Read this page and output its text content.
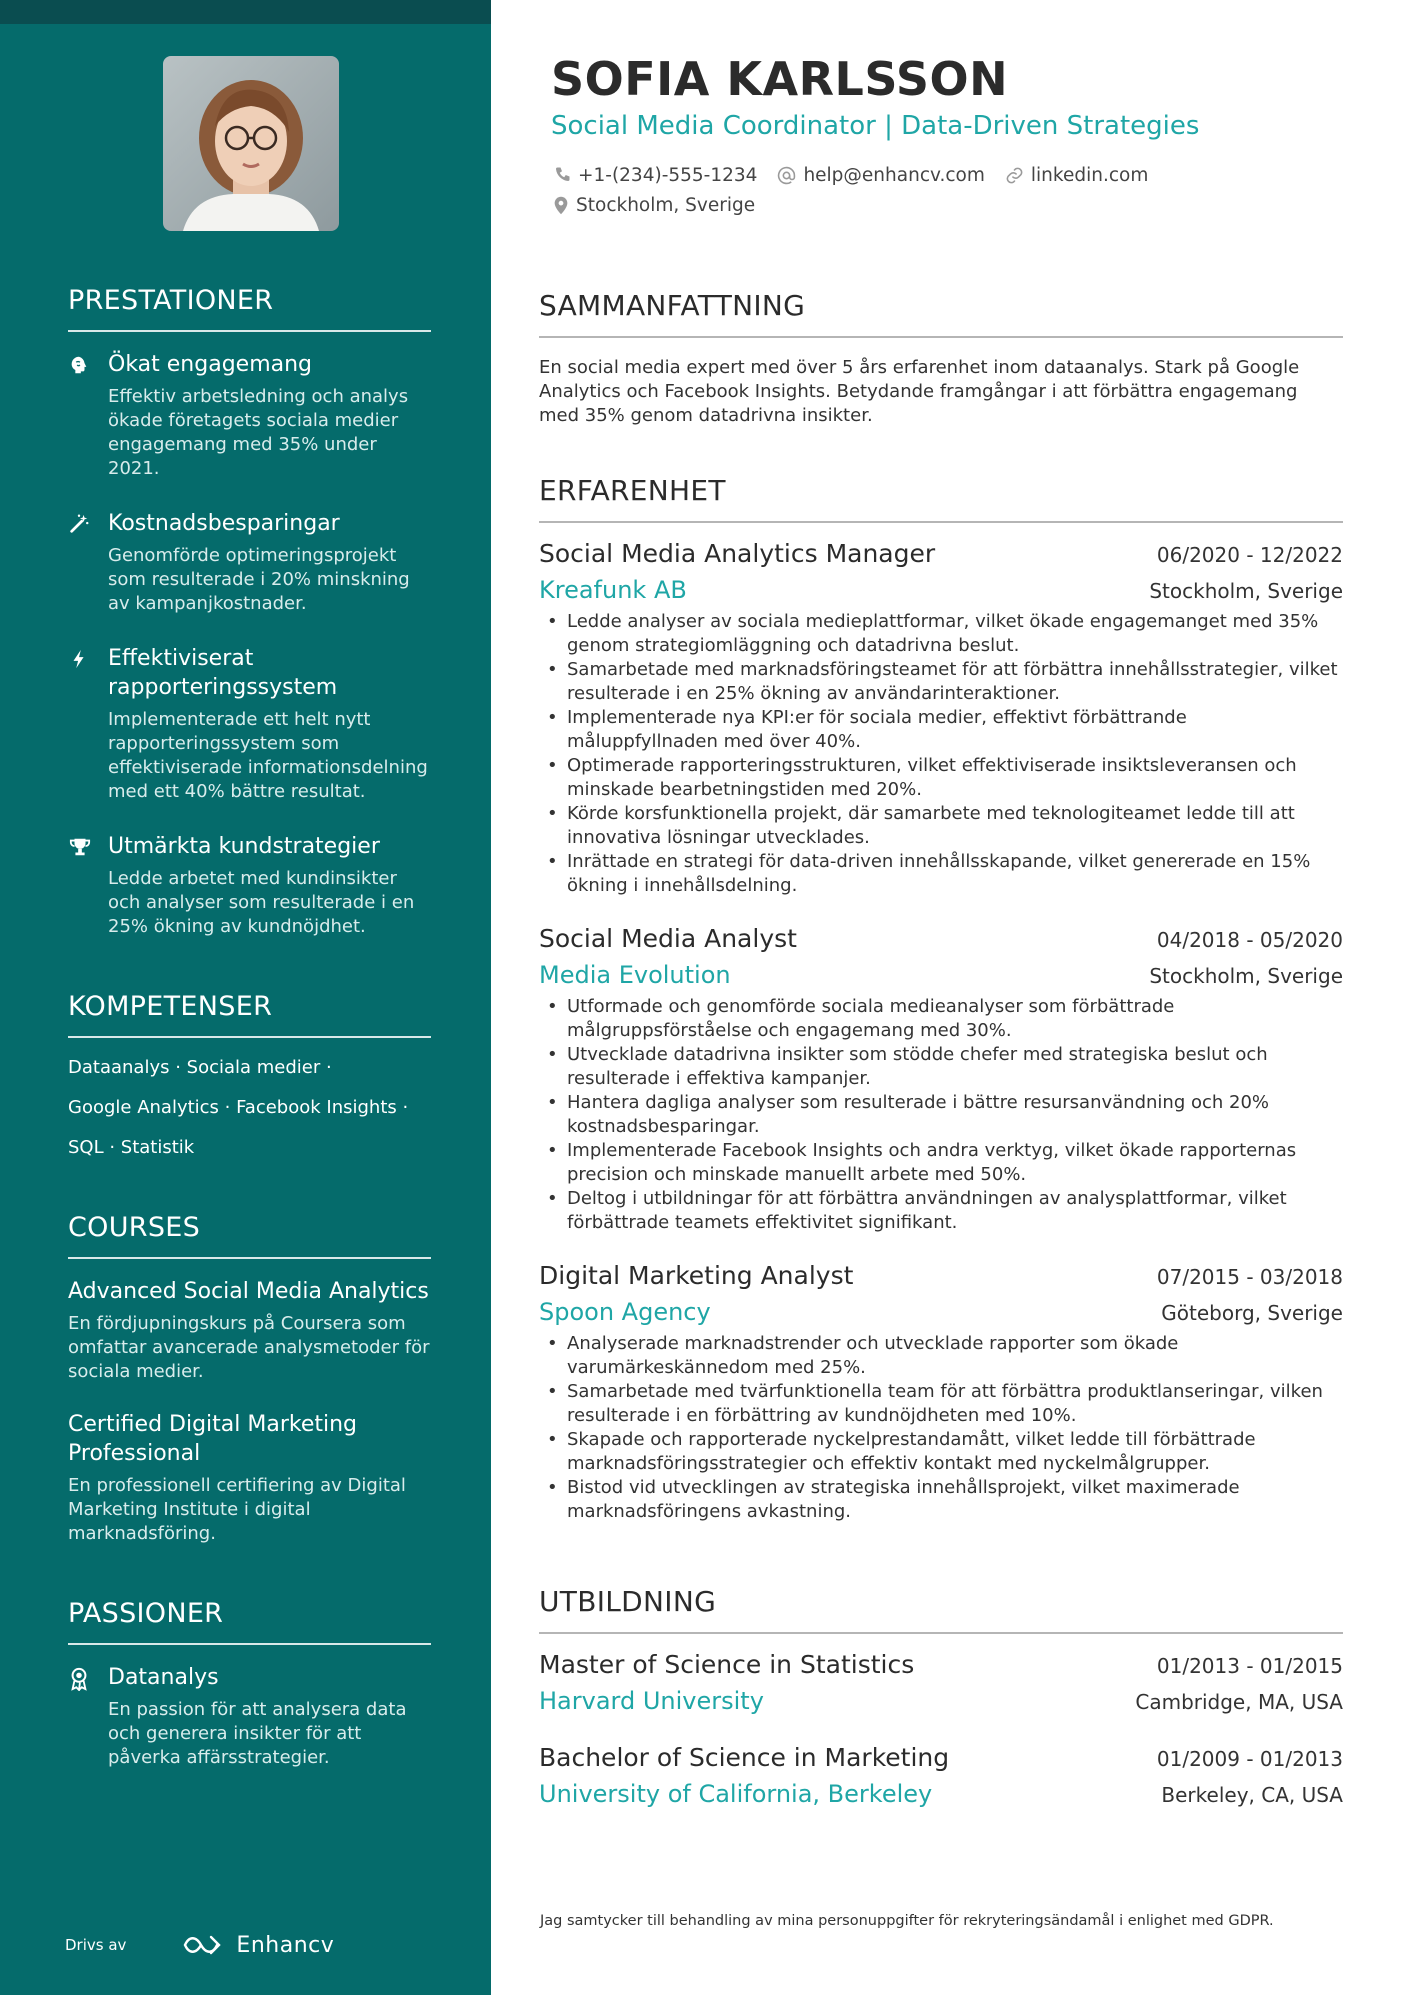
PRESTATIONER
Ökat engagemang
Effektiv arbetsledning och analys ökade företagets sociala medier engagemang med 35% under 2021.
Kostnadsbesparingar
Genomförde optimeringsprojekt som resulterade i 20% minskning av kampanjkostnader.
Effektiviserat rapporteringssystem
Implementerade ett helt nytt rapporteringssystem som effektiviserade informationsdelning med ett 40% bättre resultat.
Utmärkta kundstrategier
Ledde arbetet med kundinsikter och analyser som resulterade i en 25% ökning av kundnöjdhet.
KOMPETENSER
Dataanalys · Sociala medier ·
Google Analytics · Facebook Insights ·
SQL · Statistik
COURSES
Advanced Social Media Analytics
En fördjupningskurs på Coursera som omfattar avancerade analysmetoder för sociala medier.
Certified Digital Marketing Professional
En professionell certifiering av Digital Marketing Institute i digital marknadsföring.
PASSIONER
Datanalys
En passion för att analysera data och generera insikter för att påverka affärsstrategier.
Drivs av	Enhancv
SOFIA KARLSSON
Social Media Coordinator | Data-Driven Strategies
+1-(234)-555-1234 help@enhancv.com linkedin.com
Stockholm, Sverige
SAMMANFATTNING
En social media expert med över 5 års erfarenhet inom dataanalys. Stark på Google Analytics och Facebook Insights. Betydande framgångar i att förbättra engagemang med 35% genom datadrivna insikter.
ERFARENHET
Social Media Analytics Manager	06/2020 - 12/2022
Kreafunk AB	Stockholm, Sverige
• Ledde analyser av sociala medieplattformar, vilket ökade engagemanget med 35% genom strategiomläggning och datadrivna beslut.
• Samarbetade med marknadsföringsteamet för att förbättra innehållsstrategier, vilket resulterade i en 25% ökning av användarinteraktioner.
• Implementerade nya KPI:er för sociala medier, effektivt förbättrande måluppfyllnaden med över 40%.
• Optimerade rapporteringsstrukturen, vilket effektiviserade insiktsleveransen och minskade bearbetningstiden med 20%.
• Körde korsfunktionella projekt, där samarbete med teknologiteamet ledde till att innovativa lösningar utvecklades.
• Inrättade en strategi för data-driven innehållsskapande, vilket genererade en 15% ökning i innehållsdelning.
Social Media Analyst	04/2018 - 05/2020
Media Evolution	Stockholm, Sverige
• Utformade och genomförde sociala medieanalyser som förbättrade målgruppsförståelse och engagemang med 30%.
• Utvecklade datadrivna insikter som stödde chefer med strategiska beslut och resulterade i effektiva kampanjer.
• Hantera dagliga analyser som resulterade i bättre resursanvändning och 20% kostnadsbesparingar.
• Implementerade Facebook Insights och andra verktyg, vilket ökade rapporternas precision och minskade manuellt arbete med 50%.
• Deltog i utbildningar för att förbättra användningen av analysplattformar, vilket förbättrade teamets effektivitet signifikant.
Digital Marketing Analyst	07/2015 - 03/2018
Spoon Agency	Göteborg, Sverige
• Analyserade marknadstrender och utvecklade rapporter som ökade varumärkeskännedom med 25%.
• Samarbetade med tvärfunktionella team för att förbättra produktlanseringar, vilken resulterade i en förbättring av kundnöjdheten med 10%.
• Skapade och rapporterade nyckelprestandamått, vilket ledde till förbättrade marknadsföringsstrategier och effektiv kontakt med nyckelmålgrupper.
• Bistod vid utvecklingen av strategiska innehållsprojekt, vilket maximerade marknadsföringens avkastning.
UTBILDNING
Master of Science in Statistics	01/2013 - 01/2015
Harvard University	Cambridge, MA, USA
Bachelor of Science in Marketing	01/2009 - 01/2013
University of California, Berkeley	Berkeley, CA, USA
Jag samtycker till behandling av mina personuppgifter för rekryteringsändamål i enlighet med GDPR.
